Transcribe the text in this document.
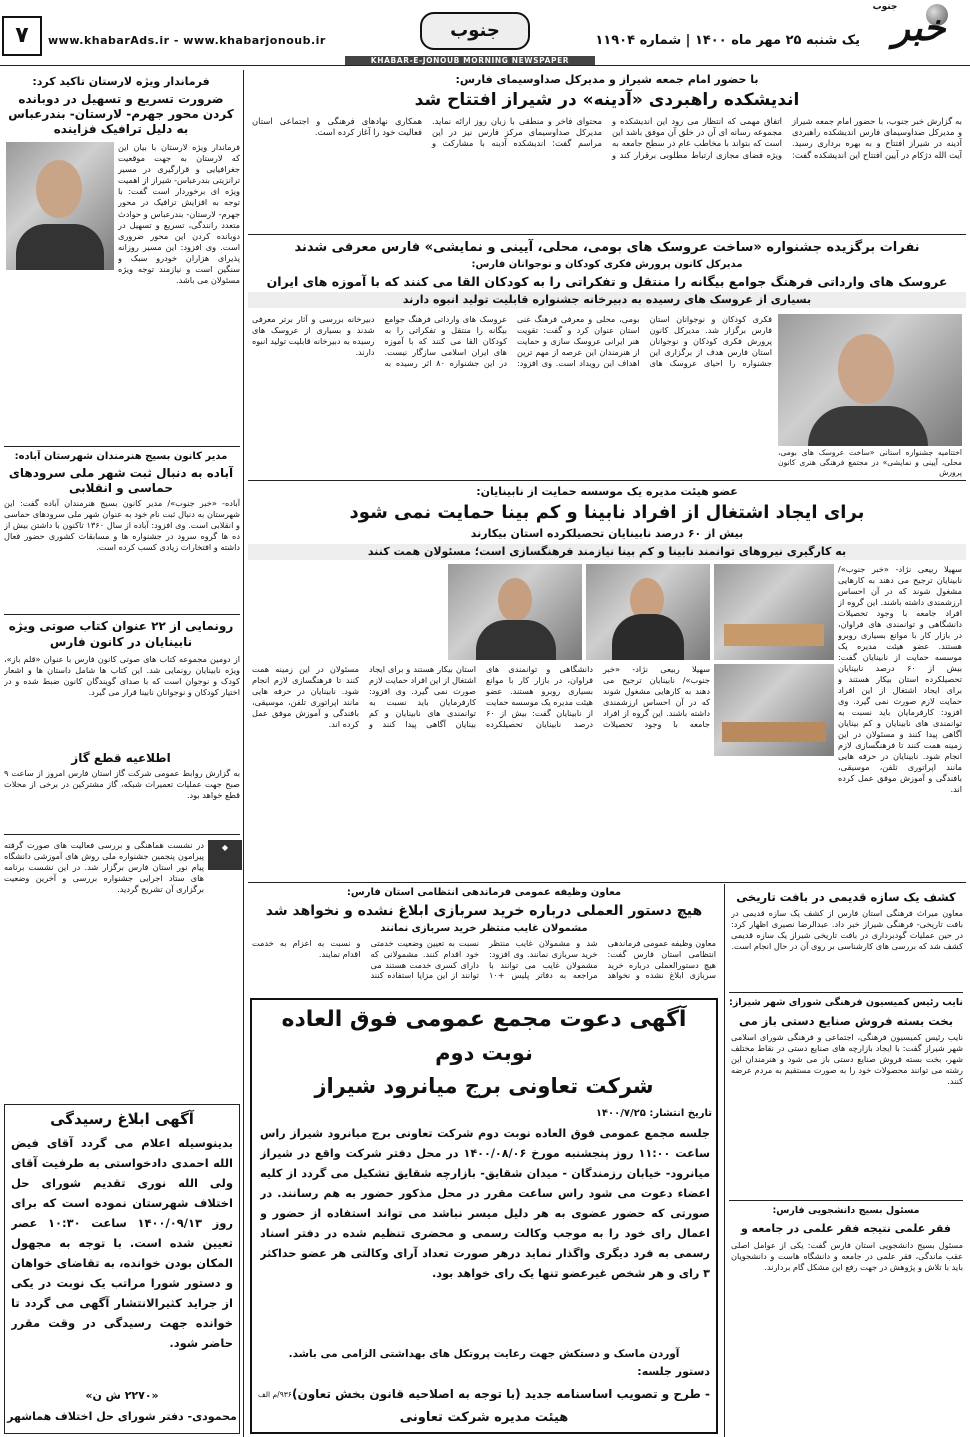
خبر
جنوب
یک شنبه ۲۵ مهر ماه ۱۴۰۰ | شماره ۱۱۹۰۴
جنوب
www.khabarAds.ir - www.khabarjonoub.ir
۷
KHABAR-E-JONOUB MORNING NEWSPAPER
فرماندار ویژه لارستان تاکید کرد:
ضرورت تسریع و تسهیل در دوبانده کردن محور جهرم- لارستان- بندرعباس به دلیل ترافیک فزاینده
فرماندار ویژه لارستان با بیان این که لارستان به جهت موقعیت جغرافیایی و قرارگیری در مسیر ترانزیتی بندرعباس- شیراز از اهمیت ویژه ای برخوردار است گفت: با توجه به افزایش ترافیک در محور جهرم- لارستان- بندرعباس و حوادث متعدد رانندگی، تسریع و تسهیل در دوبانده کردن این محور ضروری است. وی افزود: این مسیر روزانه پذیرای هزاران خودرو سبک و سنگین است و نیازمند توجه ویژه مسئولان می باشد.
مدیر کانون بسیج هنرمندان شهرستان آباده:
آباده به دنبال ثبت شهر ملی سرودهای حماسی و انقلابی
آباده- «خبر جنوب»/ مدیر کانون بسیج هنرمندان آباده گفت: این شهرستان به دنبال ثبت نام خود به عنوان شهر ملی سرودهای حماسی و انقلابی است. وی افزود: آباده از سال ۱۳۶۰ تاکنون با داشتن بیش از ده ها گروه سرود در جشنواره ها و مسابقات کشوری حضور فعال داشته و افتخارات زیادی کسب کرده است.
رونمایی از ۲۲ عنوان کتاب صوتی ویژه نابینایان در کانون فارس
از دومین مجموعه کتاب های صوتی کانون فارس با عنوان «قلم باز»، ویژه نابینایان رونمایی شد. این کتاب ها شامل داستان ها و اشعار کودک و نوجوان است که با صدای گویندگان کانون ضبط شده و در اختیار کودکان و نوجوانان نابینا قرار می گیرد.
اطلاعیه قطع گاز
به گزارش روابط عمومی شرکت گاز استان فارس امروز از ساعت ۹ صبح جهت عملیات تعمیرات شبکه، گاز مشترکین در برخی از محلات قطع خواهد بود.
◆
در نشست هماهنگی و بررسی فعالیت های صورت گرفته پیرامون پنجمین جشنواره ملی روش های آموزشی دانشگاه پیام نور استان فارس برگزار شد. در این نشست برنامه های ستاد اجرایی جشنواره بررسی و آخرین وضعیت برگزاری آن تشریح گردید.
آگهی ابلاغ رسیدگی
بدینوسیله اعلام می گردد آقای فیض الله احمدی دادخواستی به طرفیت آقای ولی الله نوری تقدیم شورای حل اختلاف شهرستان نموده است که برای روز ۱۴۰۰/۰۹/۱۳ ساعت ۱۰:۳۰ عصر تعیین شده است. با توجه به مجهول المکان بودن خوانده، به تقاضای خواهان و دستور شورا مراتب یک نوبت در یکی از جراید کثیرالانتشار آگهی می گردد تا خوانده جهت رسیدگی در وقت مقرر حاضر شود.
«۲۲۷۰ ش ن»
محمودی- دفتر شورای حل اختلاف هماشهر
با حضور امام جمعه شیراز و مدیرکل صداوسیمای فارس:
اندیشکده راهبردی «آدینه» در شیراز افتتاح شد
به گزارش خبر جنوب، با حضور امام جمعه شیراز و مدیرکل صداوسیمای فارس اندیشکده راهبردی آدینه در شیراز افتتاح و به بهره برداری رسید. آیت الله دژکام در آیین افتتاح این اندیشکده گفت: اتفاق مهمی که انتظار می رود این اندیشکده و مجموعه رسانه ای آن در خلق آن موفق باشد این است که بتواند با مخاطب عام در سطح جامعه به ویژه فضای مجازی ارتباط مطلوبی برقرار کند و محتوای فاخر و منطقی با زبان روز ارائه نماید. مدیرکل صداوسیمای مرکز فارس نیز در این مراسم گفت: اندیشکده آدینه با مشارکت و همکاری نهادهای فرهنگی و اجتماعی استان فعالیت خود را آغاز کرده است.
نفرات برگزیده جشنواره «ساخت عروسک های بومی، محلی، آیینی و نمایشی» فارس معرفی شدند
مدیرکل کانون پرورش فکری کودکان و نوجوانان فارس:
عروسک های وارداتی فرهنگ جوامع بیگانه را منتقل و تفکراتی را به کودکان القا می کنند که با آموزه های ایران
بسیاری از عروسک های رسیده به دبیرخانه جشنواره قابلیت تولید انبوه دارند
اختتامیه جشنواره استانی «ساخت عروسک های بومی، محلی، آیینی و نمایشی» در مجتمع فرهنگی هنری کانون پرورش
فکری کودکان و نوجوانان استان فارس برگزار شد. مدیرکل کانون پرورش فکری کودکان و نوجوانان استان فارس هدف از برگزاری این جشنواره را احیای عروسک های بومی، محلی و معرفی فرهنگ غنی استان عنوان کرد و گفت: تقویت هنر ایرانی عروسک سازی و حمایت از هنرمندان این عرصه از مهم ترین اهداف این رویداد است. وی افزود: عروسک های وارداتی فرهنگ جوامع بیگانه را منتقل و تفکراتی را به کودکان القا می کنند که با آموزه های ایران اسلامی سازگار نیست. در این جشنواره ۸۰ اثر رسیده به دبیرخانه بررسی و آثار برتر معرفی شدند و بسیاری از عروسک های رسیده به دبیرخانه قابلیت تولید انبوه دارند.
عضو هیئت مدیره یک موسسه حمایت از نابینایان:
برای ایجاد اشتغال از افراد نابینا و کم بینا حمایت نمی شود
بیش از ۶۰ درصد نابینایان تحصیلکرده استان بیکارند
به کارگیری نیروهای توانمند نابینا و کم بینا نیازمند فرهنگسازی است؛ مسئولان همت کنند
سهیلا ربیعی نژاد- «خبر جنوب»/ نابینایان ترجیح می دهند به کارهایی مشغول شوند که در آن احساس ارزشمندی داشته باشند. این گروه از افراد جامعه با وجود تحصیلات دانشگاهی و توانمندی های فراوان، در بازار کار با موانع بسیاری روبرو هستند. عضو هیئت مدیره یک موسسه حمایت از نابینایان گفت: بیش از ۶۰ درصد نابینایان تحصیلکرده استان بیکار هستند و برای ایجاد اشتغال از این افراد حمایت لازم صورت نمی گیرد. وی افزود: کارفرمایان باید نسبت به توانمندی های نابینایان و کم بینایان آگاهی پیدا کنند و مسئولان در این زمینه همت کنند تا فرهنگسازی لازم انجام شود. نابینایان در حرفه هایی مانند اپراتوری تلفن، موسیقی، بافندگی و آموزش موفق عمل کرده اند.
سهیلا ربیعی نژاد- «خبر جنوب»/ نابینایان ترجیح می دهند به کارهایی مشغول شوند که در آن احساس ارزشمندی داشته باشند. این گروه از افراد جامعه با وجود تحصیلات دانشگاهی و توانمندی های فراوان، در بازار کار با موانع بسیاری روبرو هستند. عضو هیئت مدیره یک موسسه حمایت از نابینایان گفت: بیش از ۶۰ درصد نابینایان تحصیلکرده استان بیکار هستند و برای ایجاد اشتغال از این افراد حمایت لازم صورت نمی گیرد. وی افزود: کارفرمایان باید نسبت به توانمندی های نابینایان و کم بینایان آگاهی پیدا کنند و مسئولان در این زمینه همت کنند تا فرهنگسازی لازم انجام شود. نابینایان در حرفه هایی مانند اپراتوری تلفن، موسیقی، بافندگی و آموزش موفق عمل کرده اند.
کشف یک سازه قدیمی در بافت تاریخی
معاون میراث فرهنگی استان فارس از کشف یک سازه قدیمی در بافت تاریخی- فرهنگی شیراز خبر داد. عبدالرضا نصیری اظهار کرد: در حین عملیات گودبرداری در بافت تاریخی شیراز یک سازه قدیمی کشف شد که بررسی های کارشناسی بر روی آن در حال انجام است.
نایب رئیس کمیسیون فرهنگی شورای شهر شیراز:
بخت بسته فروش صنایع دستی باز می
نایب رئیس کمیسیون فرهنگی، اجتماعی و فرهنگی شورای اسلامی شهر شیراز گفت: با ایجاد بازارچه های صنایع دستی در نقاط مختلف شهر، بخت بسته فروش صنایع دستی باز می شود و هنرمندان این رشته می توانند محصولات خود را به صورت مستقیم به مردم عرضه کنند.
مسئول بسیج دانشجویی فارس:
فقر علمی نتیجه فقر علمی در جامعه و
مسئول بسیج دانشجویی استان فارس گفت: یکی از عوامل اصلی عقب ماندگی، فقر علمی در جامعه و دانشگاه هاست و دانشجویان باید با تلاش و پژوهش در جهت رفع این مشکل گام بردارند.
معاون وظیفه عمومی فرماندهی انتظامی استان فارس:
هیچ دستور العملی درباره خرید سربازی ابلاغ نشده و نخواهد شد
مشمولان غایب منتظر خرید سربازی نمانند
معاون وظیفه عمومی فرماندهی انتظامی استان فارس گفت: هیچ دستورالعملی درباره خرید سربازی ابلاغ نشده و نخواهد شد و مشمولان غایب منتظر خرید سربازی نمانند. وی افزود: مشمولان غایب می توانند با مراجعه به دفاتر پلیس +۱۰ نسبت به تعیین وضعیت خدمتی خود اقدام کنند. مشمولانی که دارای کسری خدمت هستند می توانند از این مزایا استفاده کنند و نسبت به اعزام به خدمت اقدام نمایند.
آگهی دعوت مجمع عمومی فوق العاده
نوبت دوم
شرکت تعاونی برج میانرود شیراز
تاریخ انتشار: ۱۴۰۰/۷/۲۵
جلسه مجمع عمومی فوق العاده نوبت دوم شرکت تعاونی برج میانرود شیراز راس ساعت ۱۱:۰۰ روز پنجشنبه مورخ ۱۴۰۰/۰۸/۰۶ در محل دفتر شرکت واقع در شیراز میانرود- خیابان رزمندگان - میدان شقایق- بازارچه شقایق تشکیل می گردد از کلیه اعضاء دعوت می شود راس ساعت مقرر در محل مذکور حضور به هم رسانند. در صورتی که حضور عضوی به هر دلیل میسر نباشد می تواند استفاده از حضور و اعمال رای خود را به موجب وکالت رسمی و محضری تنظیم شده در دفتر اسناد رسمی به فرد دیگری واگذار نماید درهر صورت تعداد آرای وکالتی هر عضو حداکثر ۳ رای و هر شخص غیرعضو تنها یک رای خواهد بود.
آوردن ماسک و دستکش جهت رعایت پروتکل های بهداشتی الزامی می باشد.
دستور جلسه:
- طرح و تصویب اساسنامه جدید (با توجه به اصلاحیه قانون بخش تعاون)
هیئت مدیره شرکت تعاونی
۹۳۶۰/م الف
